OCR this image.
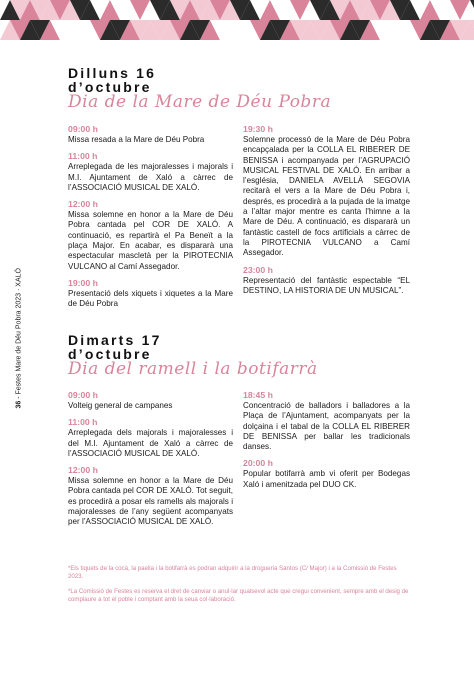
36 - Festes Mare de Déu Pobra 2023 · XALÓ
Dilluns 16
d’octubre
Dia de la Mare de Déu Pobra
09:00 h
Missa resada a la Mare de Déu Pobra
11:00 h
Arreplegada de les majoralesses i majorals i M.I. Ajuntament de Xaló a càrrec de l’ASSOCIACIÓ MUSICAL DE XALÓ.
12:00 h
Missa solemne en honor a la Mare de Déu Pobra cantada pel COR DE XALÓ. A continuació, es repartirà el Pa Beneït a la plaça Major. En acabar, es dispararà una espectacular mascletà per la PIROTECNIA VULCANO al Camí Assegador.
19:00 h
Presentació dels xiquets i xiquetes a la Mare de Déu Pobra
19:30 h
Solemne processó de la Mare de Déu Pobra encapçalada per la COLLA EL RIBERER DE BENISSA i acompanyada per l’AGRUPACIÓ MUSICAL FESTIVAL DE XALÓ. En arribar a l’església, DANIELA AVELLÀ SEGOVIA recitarà el vers a la Mare de Déu Pobra i, després, es procedirà a la pujada de la imatge a l’altar major mentre es canta l’himne a la Mare de Déu. A continuació, es dispararà un fantàstic castell de focs artificials a càrrec de la PIROTECNIA VULCANO a Camí Assegador.
23:00 h
Representació del fantàstic espectable “EL DESTINO, LA HISTORIA DE UN MUSICAL”.
Dimarts 17
d’octubre
Dia del ramell i la botifarrà
09:00 h
Volteig general de campanes
11:00 h
Arreplegada dels majorals i majoralesses i del M.I. Ajuntament de Xaló a càrrec de l’ASSOCIACIÓ MUSICAL DE XALÓ.
12:00 h
Missa solemne en honor a la Mare de Déu Pobra cantada pel COR DE XALÓ. Tot seguit, es procedirà a posar els ramells als majorals i majoralesses de l’any següent acompanyats per l’ASSOCIACIÓ MUSICAL DE XALÓ.
18:45 h
Concentració de balladors i balladores a la Plaça de l’Ajuntament, acompanyats per la dolçaina i el tabal de la COLLA EL RIBERER DE BENISSA per ballar les tradicionals danses.
20:00 h
Popular botifarrà amb vi oferit per Bodegas Xaló i amenitzada pel DUO CK.

*Els tiquets de la cocà, la paella i la botifarrà es podran adquirir a la drogueria Santos (C/ Major) i a la Comissió de Festes 2023.

*La Comissió de Festes es reserva el dret de canviar o anul·lar qualsevol acte que cregui convenient, sempre amb el desig de complaure a tot el poble i comptant amb la seua col·laboració.
